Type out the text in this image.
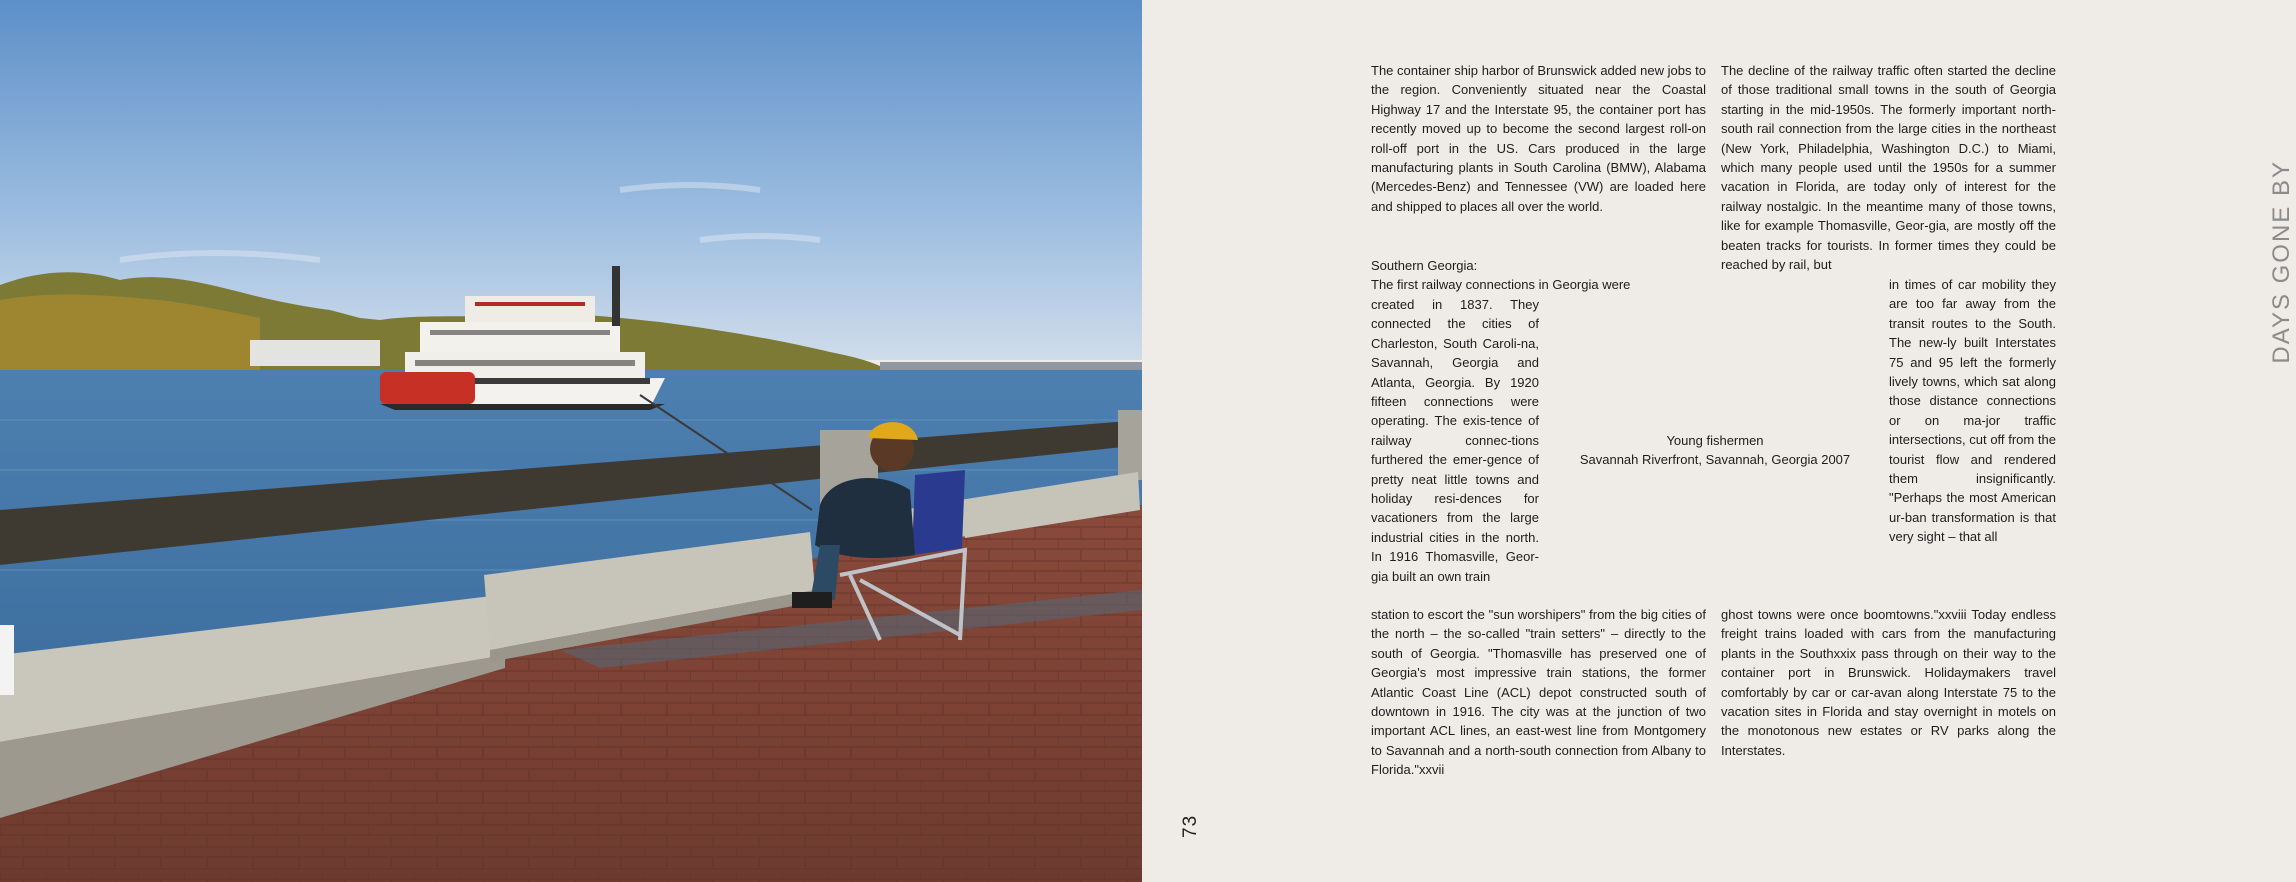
The container ship harbor of Brunswick added new jobs to the region. Conveniently situated near the Coastal Highway 17 and the Interstate 95, the container port has recently moved up to become the second largest roll-on roll-off port in the US. Cars produced in the large manufacturing plants in South Carolina (BMW), Alabama (Mercedes-Benz) and Tennessee (VW) are loaded here and shipped to places all over the world.

Southern Georgia:

The first railway connections in Georgia were

created in 1837. They connected the cities of Charleston, South Caroli-na, Savannah, Georgia and Atlanta, Georgia. By 1920 fifteen connections were operating. The exis-tence of railway connec-tions furthered the emer-gence of pretty neat little towns and holiday resi-dences for vacationers from the large industrial cities in the north. In 1916 Thomasville, Geor-gia built an own train

station to escort the "sun worshipers" from the big cities of the north – the so-called "train setters" – directly to the south of Georgia. "Thomasville has preserved one of Georgia's most impressive train stations, the former Atlantic Coast Line (ACL) depot constructed south of downtown in 1916. The city was at the junction of two important ACL lines, an east-west line from Montgomery to Savannah and a north-south connection from Albany to Florida."xxvii

The decline of the railway traffic often started the decline of those traditional small towns in the south of Georgia starting in the mid-1950s. The formerly important north-south rail connection from the large cities in the northeast (New York, Philadelphia, Washington D.C.) to Miami, which many people used until the 1950s for a summer vacation in Florida, are today only of interest for the railway nostalgic. In the meantime many of those towns, like for example Thomasville, Geor-gia, are mostly off the beaten tracks for tourists. In former times they could be reached by rail, but

in times of car mobility they are too far away from the transit routes to the South. The new-ly built Interstates 75 and 95 left the formerly lively towns, which sat along those distance connections or on ma-jor traffic intersections, cut off from the tourist flow and rendered them insignificantly. "Perhaps the most American ur-ban transformation is that very sight – that all

ghost towns were once boomtowns."xxviii Today endless freight trains loaded with cars from the manufacturing plants in the Southxxix pass through on their way to the container port in Brunswick. Holidaymakers travel comfortably by car or car-avan along Interstate 75 to the vacation sites in Florida and stay overnight in motels on the monotonous new estates or RV parks along the Interstates.

Young fishermen
Savannah Riverfront, Savannah, Georgia 2007
73
DAYS GONE BY
